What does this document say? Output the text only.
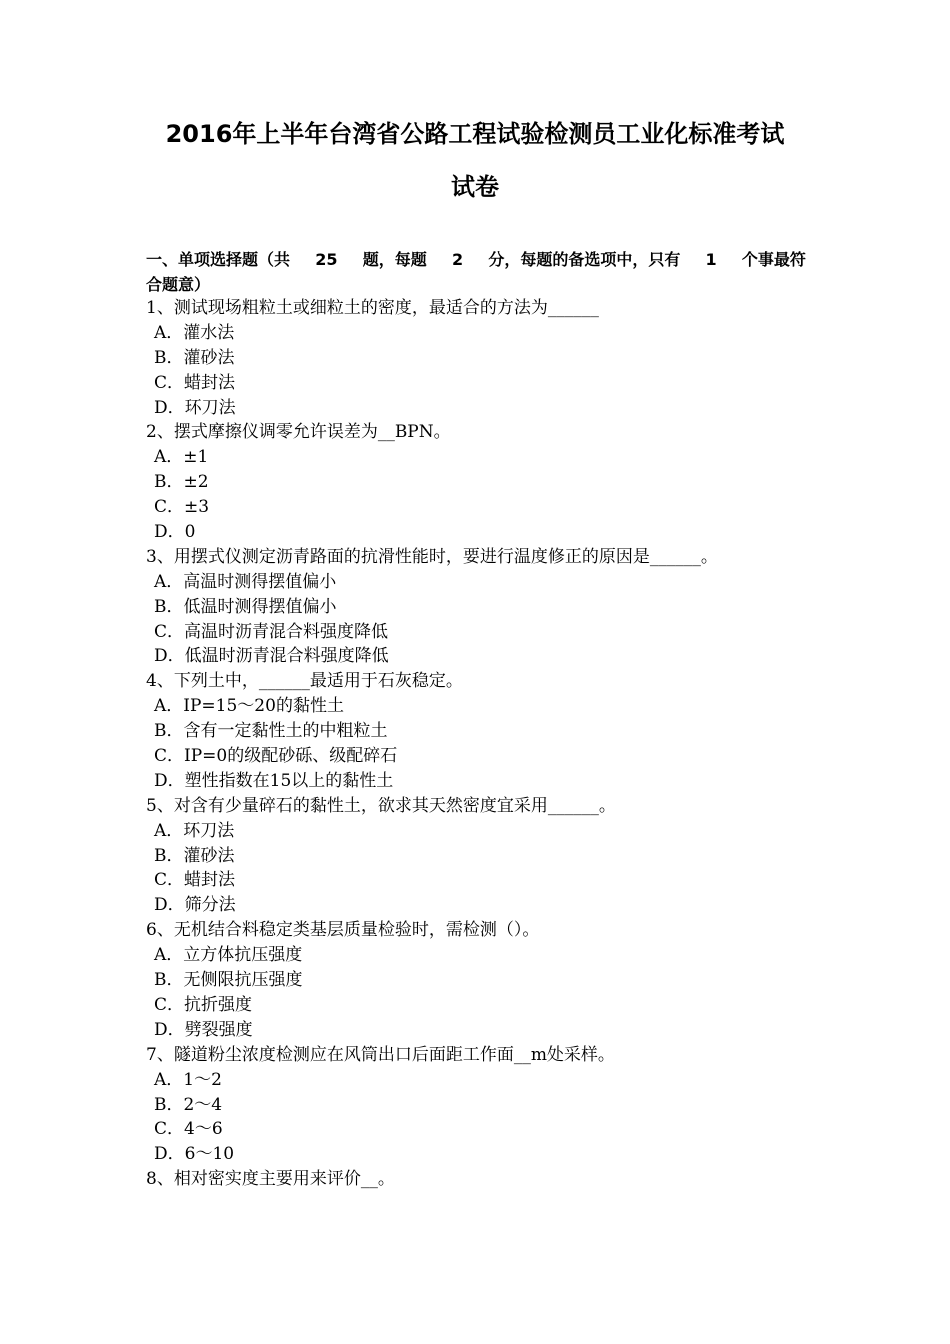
2016年上半年台湾省公路工程试验检测员工业化标准考试
试卷
一、单项选择题（共 25 题，每题 2 分，每题的备选项中，只有 1 个事最符
合题意）
1、测试现场粗粒土或细粒土的密度，最适合的方法为______
A．灌水法
B．灌砂法
C．蜡封法
D．环刀法
2、摆式摩擦仪调零允许误差为__BPN。
A．±1
B．±2
C．±3
D．0
3、用摆式仪测定沥青路面的抗滑性能时，要进行温度修正的原因是______。
A．高温时测得摆值偏小
B．低温时测得摆值偏小
C．高温时沥青混合料强度降低
D．低温时沥青混合料强度降低
4、下列土中，______最适用于石灰稳定。
A．IP=15～20的黏性土
B．含有一定黏性土的中粗粒土
C．IP=0的级配砂砾、级配碎石
D．塑性指数在15以上的黏性土
5、对含有少量碎石的黏性土，欲求其天然密度宜采用______。
A．环刀法
B．灌砂法
C．蜡封法
D．筛分法
6、无机结合料稳定类基层质量检验时，需检测（）。
A．立方体抗压强度
B．无侧限抗压强度
C．抗折强度
D．劈裂强度
7、隧道粉尘浓度检测应在风筒出口后面距工作面__m处采样。
A．1～2
B．2～4
C．4～6
D．6～10
8、相对密实度主要用来评价__。
